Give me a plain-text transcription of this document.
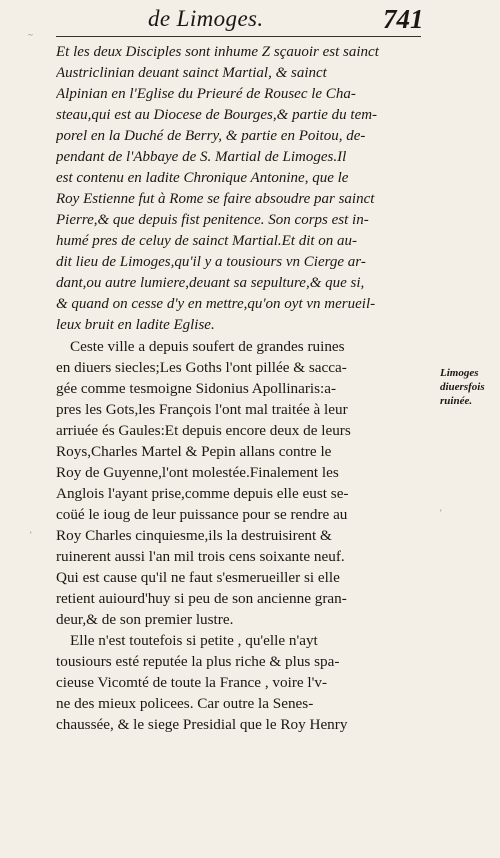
de Limoges.	741
~
'
'
Et les deux Disciples sont inhume Z sçauoir est sainct
Austriclinian deuant sainct Martial, & sainct
Alpinian en l'Eglise du Prieuré de Rousec le Cha-
steau,qui est au Diocese de Bourges,& partie du tem-
porel en la Duché de Berry, & partie en Poitou, de-
pendant de l'Abbaye de S. Martial de Limoges.Il
est contenu en ladite Chronique Antonine, que le
Roy Estienne fut à Rome se faire absoudre par sainct
Pierre,& que depuis fist penitence. Son corps est in-
humé pres de celuy de sainct Martial.Et dit on au-
dit lieu de Limoges,qu'il y a tousiours vn Cierge ar-
dant,ou autre lumiere,deuant sa sepulture,& que si,
& quand on cesse d'y en mettre,qu'on oyt vn merueil-
leux bruit en ladite Eglise.
Ceste ville a depuis soufert de grandes ruines
en diuers siecles;Les Goths l'ont pillée & sacca-
gée comme tesmoigne Sidonius Apollinaris:a-
pres les Gots,les François l'ont mal traitée à leur
arriuée és Gaules:Et depuis encore deux de leurs
Roys,Charles Martel & Pepin allans contre le
Roy de Guyenne,l'ont molestée.Finalement les
Anglois l'ayant prise,comme depuis elle eust se-
coüé le ioug de leur puissance pour se rendre au
Roy Charles cinquiesme,ils la destruisirent &
ruinerent aussi l'an mil trois cens soixante neuf.
Qui est cause qu'il ne faut s'esmerueiller si elle
retient auiourd'huy si peu de son ancienne gran-
deur,& de son premier lustre.
Elle n'est toutefois si petite , qu'elle n'ayt
tousiours esté reputée la plus riche & plus spa-
cieuse Vicomté de toute la France , voire l'v-
ne des mieux policees. Car outre la Senes-
chaussée, & le siege Presidial que le Roy Henry
Limoges
diuersfois
ruinée.
